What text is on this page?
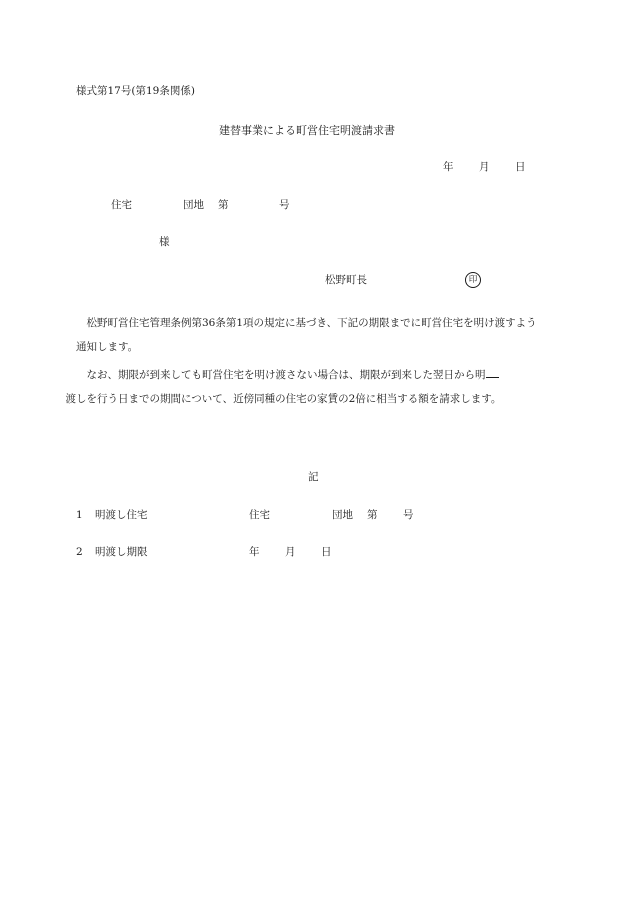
様式第17号(第19条関係)
建替事業による町営住宅明渡請求書
年 月 日
住宅	団地 第	号
様
松野町長	印
松野町営住宅管理条例第36条第1項の規定に基づき、下記の期限までに町営住宅を明け渡すよう通知します。
なお、期限が到来しても町営住宅を明け渡さない場合は、期限が到来した翌日から明
渡しを行う日までの期間について、近傍同種の住宅の家賃の2倍に相当する額を請求します。
記
1 明渡し住宅	住宅	団地 第 号
2 明渡し期限	年 月 日
